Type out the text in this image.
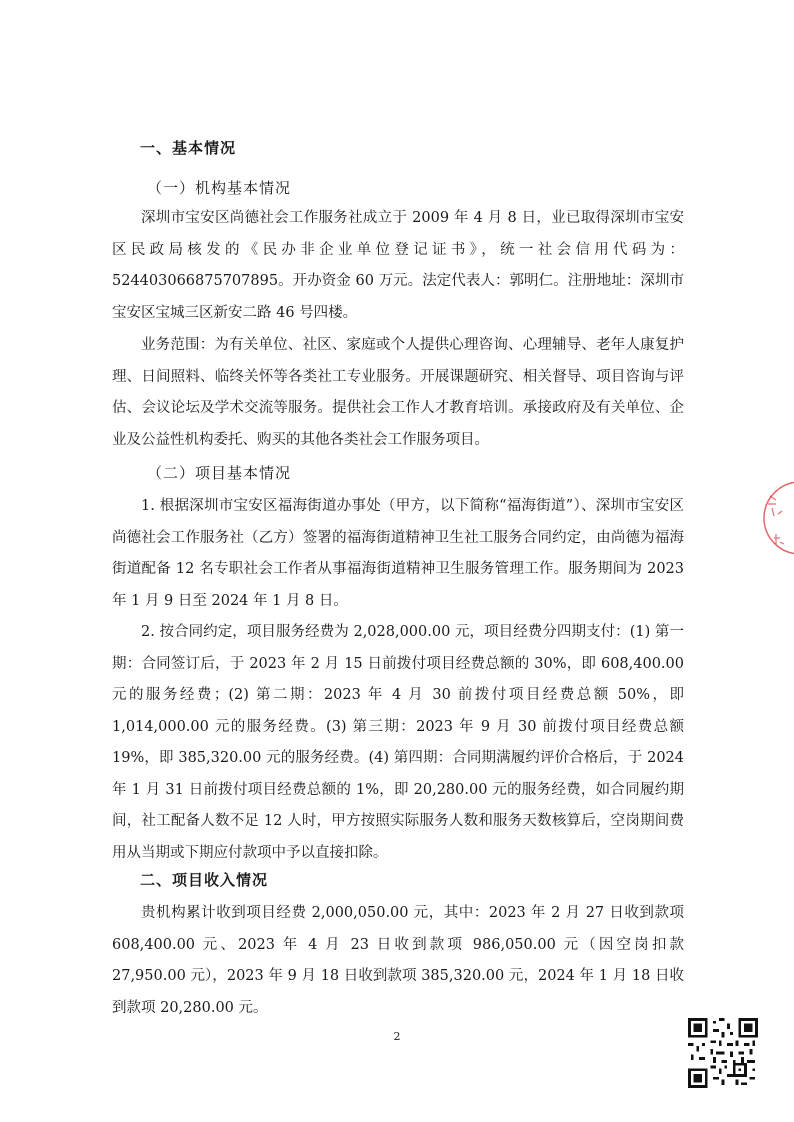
一、基本情况
（一）机构基本情况

深圳市宝安区尚德社会工作服务社成立于 2009 年 4 月 8 日，业已取得深圳市宝安区民政局核发的《民办非企业单位登记证书》，统一社会信用代码为：524403066875707895。开办资金 60 万元。法定代表人：郭明仁。注册地址：深圳市宝安区宝城三区新安二路 46 号四楼。

业务范围：为有关单位、社区、家庭或个人提供心理咨询、心理辅导、老年人康复护理、日间照料、临终关怀等各类社工专业服务。开展课题研究、相关督导、项目咨询与评估、会议论坛及学术交流等服务。提供社会工作人才教育培训。承接政府及有关单位、企业及公益性机构委托、购买的其他各类社会工作服务项目。

（二）项目基本情况

1. 根据深圳市宝安区福海街道办事处（甲方，以下简称“福海街道”）、深圳市宝安区尚德社会工作服务社（乙方）签署的福海街道精神卫生社工服务合同约定，由尚德为福海街道配备 12 名专职社会工作者从事福海街道精神卫生服务管理工作。服务期间为 2023 年 1 月 9 日至 2024 年 1 月 8 日。

2. 按合同约定，项目服务经费为 2,028,000.00 元，项目经费分四期支付：(1) 第一期：合同签订后，于 2023 年 2 月 15 日前拨付项目经费总额的 30%，即 608,400.00 元的服务经费；(2) 第二期：2023 年 4 月 30 前拨付项目经费总额 50%，即 1,014,000.00 元的服务经费。(3) 第三期：2023 年 9 月 30 前拨付项目经费总额 19%，即 385,320.00 元的服务经费。(4) 第四期：合同期满履约评价合格后，于 2024 年 1 月 31 日前拨付项目经费总额的 1%，即 20,280.00 元的服务经费，如合同履约期间，社工配备人数不足 12 人时，甲方按照实际服务人数和服务天数核算后，空岗期间费用从当期或下期应付款项中予以直接扣除。

二、项目收入情况

贵机构累计收到项目经费 2,000,050.00 元，其中：2023 年 2 月 27 日收到款项 608,400.00 元、2023 年 4 月 23 日收到款项 986,050.00 元（因空岗扣款 27,950.00 元），2023 年 9 月 18 日收到款项 385,320.00 元，2024 年 1 月 18 日收到款项 20,280.00 元。

2
